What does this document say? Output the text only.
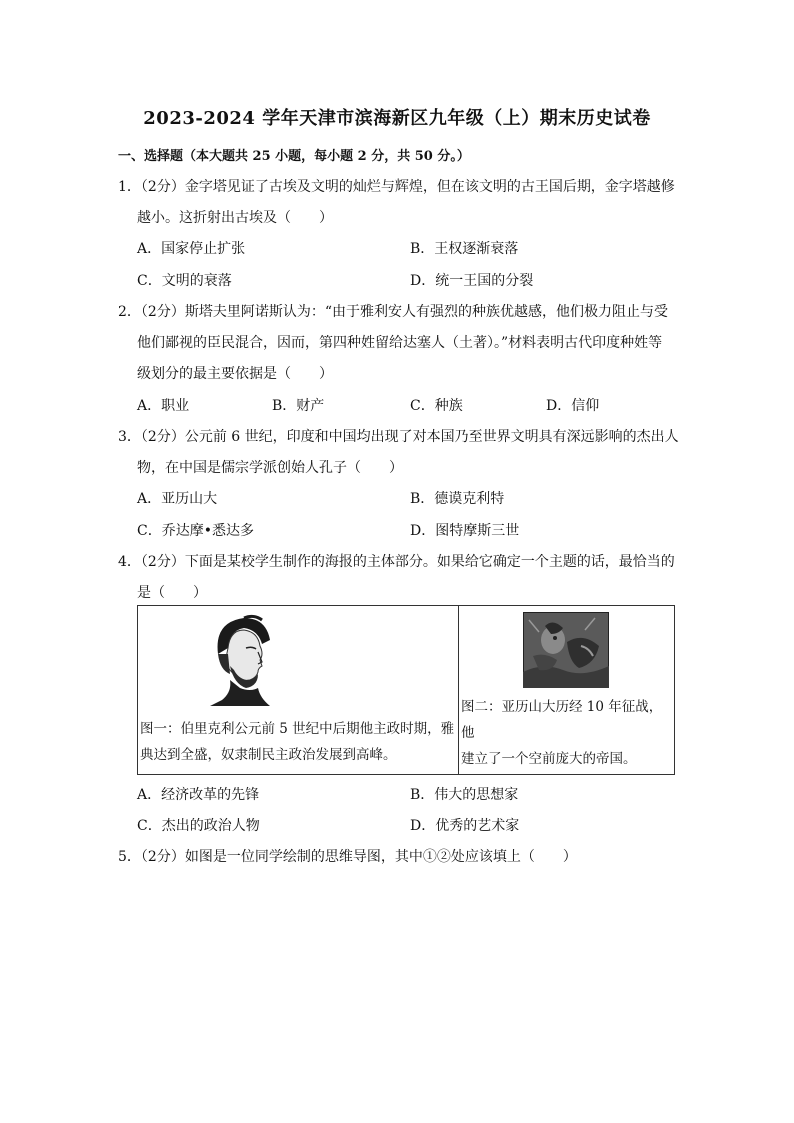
2023-2024 学年天津市滨海新区九年级（上）期末历史试卷
一、选择题（本大题共 25 小题，每小题 2 分，共 50 分。）
1．（2分）金字塔见证了古埃及文明的灿烂与辉煌，但在该文明的古王国后期，金字塔越修
越小。这折射出古埃及（　　）
A．国家停止扩张	B．王权逐渐衰落
C．文明的衰落	D．统一王国的分裂
2．（2分）斯塔夫里阿诺斯认为：“由于雅利安人有强烈的种族优越感，他们极力阻止与受
他们鄙视的臣民混合，因而，第四种姓留给达塞人（土著）。”材料表明古代印度种姓等
级划分的最主要依据是（　　）
A．职业	B．财产	C．种族	D．信仰
3．（2分）公元前 6 世纪，印度和中国均出现了对本国乃至世界文明具有深远影响的杰出人
物，在中国是儒宗学派创始人孔子（　　）
A．亚历山大	B．德谟克利特
C．乔达摩•悉达多	D．图特摩斯三世
4．（2分）下面是某校学生制作的海报的主体部分。如果给它确定一个主题的话，最恰当的
是（　　）
图一：伯里克利公元前 5 世纪中后期他主政时期，雅
典达到全盛，奴隶制民主政治发展到高峰。

图二：亚历山大历经 10 年征战，他
建立了一个空前庞大的帝国。
A．经济改革的先锋	B．伟大的思想家
C．杰出的政治人物	D．优秀的艺术家
5．（2分）如图是一位同学绘制的思维导图，其中①②处应该填上（　　）
